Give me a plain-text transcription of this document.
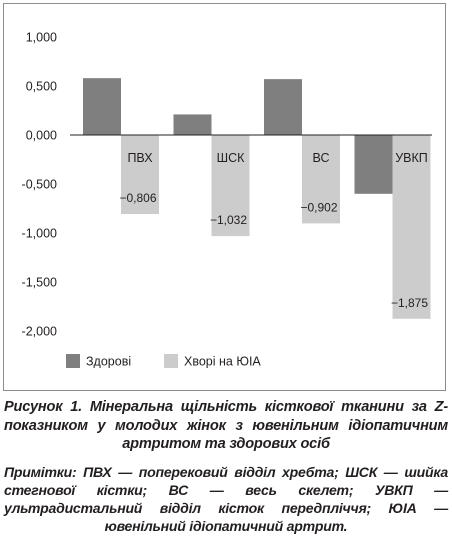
1,000
0,500
0,000
-0,500
-1,000
-1,500
-2,000
ПВХ	ШСК	ВС	УВКП
−0,806
−1,032
−0,902
−1,875
Здорові	Хворі на ЮІА
Рисунок 1. Мінеральна щільність кісткової тканини за Z-показником у молодих жінок з ювенільним ідіопатичним артритом та здорових осіб
Примітки: ПВХ — поперековий відділ хребта; ШСК — шийка стегнової кістки; ВС — весь скелет; УВКП — ультрадистальний відділ кісток передпліччя; ЮІА — ювенільний ідіопатичний артрит.
